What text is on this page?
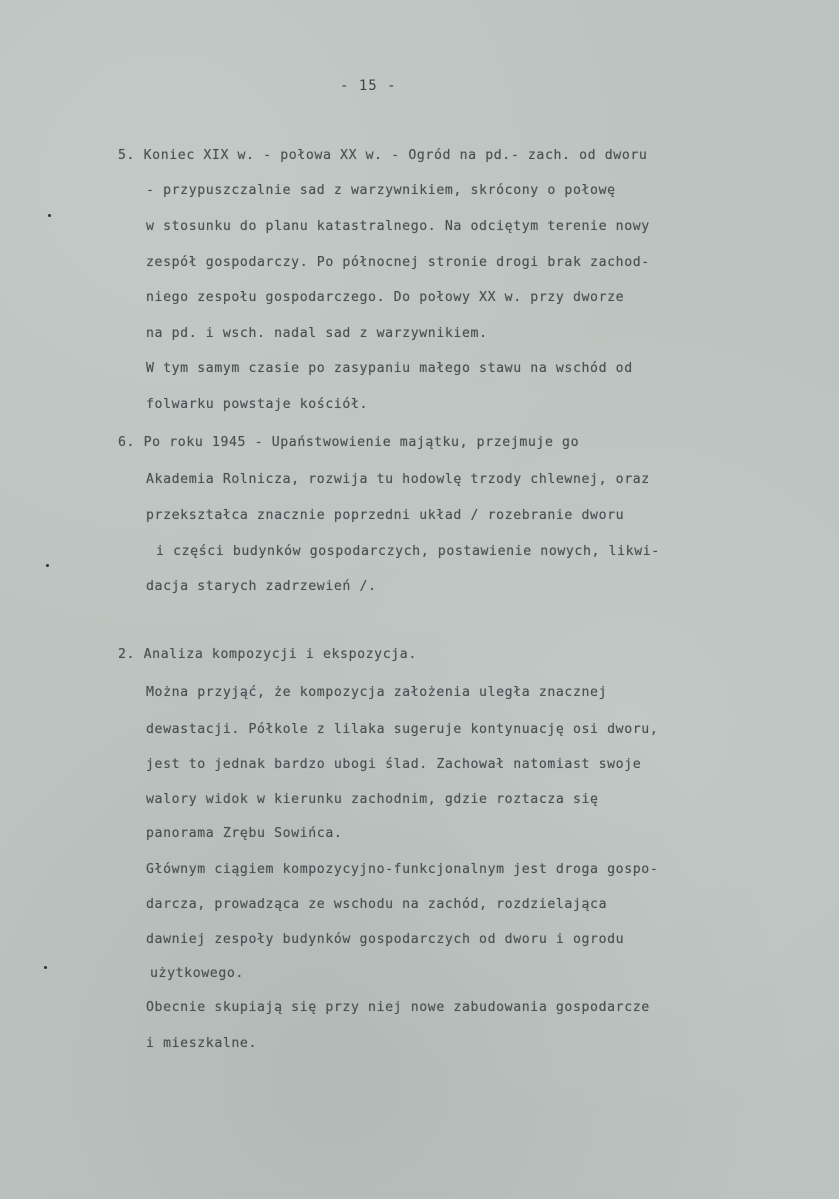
- 15 -
5. Koniec XIX w. - połowa XX w. - Ogród na pd.- zach. od dworu
- przypuszczalnie sad z warzywnikiem, skrócony o połowę
w stosunku do planu katastralnego. Na odciętym terenie nowy
zespół gospodarczy. Po północnej stronie drogi brak zachod-
niego zespołu gospodarczego. Do połowy XX w. przy dworze
na pd. i wsch. nadal sad z warzywnikiem.
W tym samym czasie po zasypaniu małego stawu na wschód od
folwarku powstaje kościół.
6. Po roku 1945 - Upaństwowienie majątku, przejmuje go
Akademia Rolnicza, rozwija tu hodowlę trzody chlewnej, oraz
przekształca znacznie poprzedni układ / rozebranie dworu
i części budynków gospodarczych, postawienie nowych, likwi-
dacja starych zadrzewień /.
2. Analiza kompozycji i ekspozycja.
Można przyjąć, że kompozycja założenia uległa znacznej
dewastacji. Półkole z lilaka sugeruje kontynuację osi dworu,
jest to jednak bardzo ubogi ślad. Zachował natomiast swoje
walory widok w kierunku zachodnim, gdzie roztacza się
panorama Zrębu Sowińca.
Głównym ciągiem kompozycyjno-funkcjonalnym jest droga gospo-
darcza, prowadząca ze wschodu na zachód, rozdzielająca
dawniej zespoły budynków gospodarczych od dworu i ogrodu
użytkowego.
Obecnie skupiają się przy niej nowe zabudowania gospodarcze
i mieszkalne.
